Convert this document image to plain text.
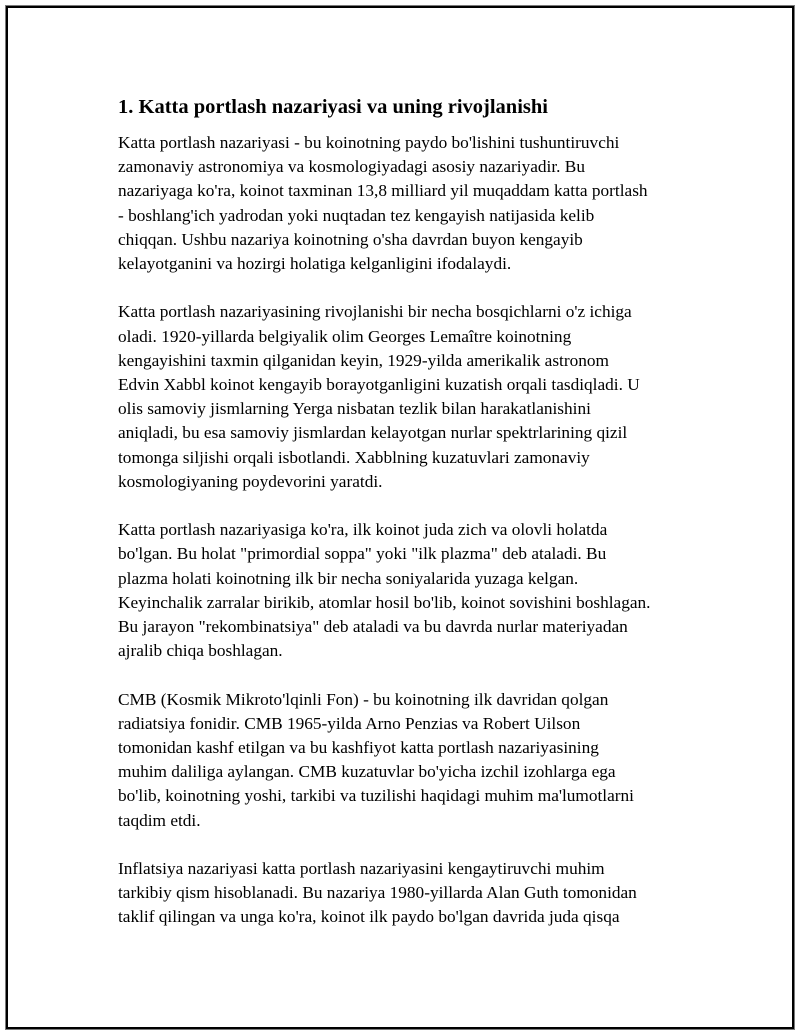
1. Katta portlash nazariyasi va uning rivojlanishi

Katta portlash nazariyasi - bu koinotning paydo bo'lishini tushuntiruvchi
zamonaviy astronomiya va kosmologiyadagi asosiy nazariyadir. Bu
nazariyaga ko'ra, koinot taxminan 13,8 milliard yil muqaddam katta portlash
- boshlang'ich yadrodan yoki nuqtadan tez kengayish natijasida kelib
chiqqan. Ushbu nazariya koinotning o'sha davrdan buyon kengayib
kelayotganini va hozirgi holatiga kelganligini ifodalaydi.

Katta portlash nazariyasining rivojlanishi bir necha bosqichlarni o'z ichiga
oladi. 1920-yillarda belgiyalik olim Georges Lemaître koinotning
kengayishini taxmin qilganidan keyin, 1929-yilda amerikalik astronom
Edvin Xabbl koinot kengayib borayotganligini kuzatish orqali tasdiqladi. U
olis samoviy jismlarning Yerga nisbatan tezlik bilan harakatlanishini
aniqladi, bu esa samoviy jismlardan kelayotgan nurlar spektrlarining qizil
tomonga siljishi orqali isbotlandi. Xabblning kuzatuvlari zamonaviy
kosmologiyaning poydevorini yaratdi.

Katta portlash nazariyasiga ko'ra, ilk koinot juda zich va olovli holatda
bo'lgan. Bu holat "primordial soppa" yoki "ilk plazma" deb ataladi. Bu
plazma holati koinotning ilk bir necha soniyalarida yuzaga kelgan.
Keyinchalik zarralar birikib, atomlar hosil bo'lib, koinot sovishini boshlagan.
Bu jarayon "rekombinatsiya" deb ataladi va bu davrda nurlar materiyadan
ajralib chiqa boshlagan.

CMB (Kosmik Mikroto'lqinli Fon) - bu koinotning ilk davridan qolgan
radiatsiya fonidir. CMB 1965-yilda Arno Penzias va Robert Uilson
tomonidan kashf etilgan va bu kashfiyot katta portlash nazariyasining
muhim daliliga aylangan. CMB kuzatuvlar bo'yicha izchil izohlarga ega
bo'lib, koinotning yoshi, tarkibi va tuzilishi haqidagi muhim ma'lumotlarni
taqdim etdi.

Inflatsiya nazariyasi katta portlash nazariyasini kengaytiruvchi muhim
tarkibiy qism hisoblanadi. Bu nazariya 1980-yillarda Alan Guth tomonidan
taklif qilingan va unga ko'ra, koinot ilk paydo bo'lgan davrida juda qisqa
